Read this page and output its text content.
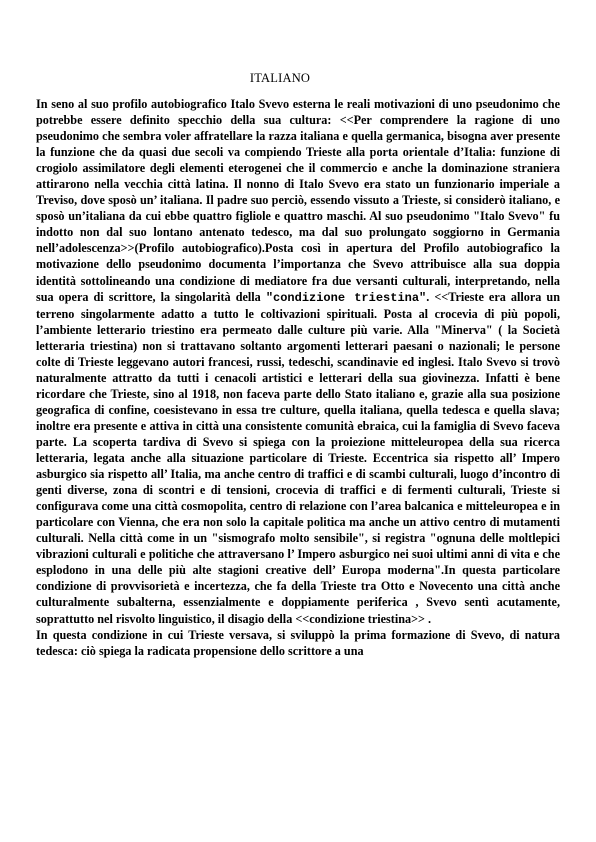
ITALIANO

In seno al suo profilo autobiografico Italo Svevo esterna le reali motivazioni di uno pseudonimo che potrebbe essere definito specchio della sua cultura: <<Per comprendere la ragione di uno pseudonimo che sembra voler affratellare la razza italiana e quella germanica, bisogna aver presente la funzione che da quasi due secoli va compiendo Trieste alla porta orientale d’Italia: funzione di crogiolo assimilatore degli elementi eterogenei che il commercio e anche la dominazione straniera attirarono nella vecchia città latina. Il nonno di Italo Svevo era stato un funzionario imperiale a Treviso, dove sposò un’ italiana. Il padre suo perciò, essendo vissuto a Trieste, si considerò italiano, e sposò un’italiana da cui ebbe quattro figliole e quattro maschi. Al suo pseudonimo "Italo Svevo" fu indotto non dal suo lontano antenato tedesco, ma dal suo prolungato soggiorno in Germania nell’adolescenza>>(Profilo autobiografico).Posta così in apertura del Profilo autobiografico la motivazione dello pseudonimo documenta l’importanza che Svevo attribuisce alla sua doppia identità sottolineando una condizione di mediatore fra due versanti culturali, interpretando, nella sua opera di scrittore, la singolarità della "condizione triestina". <<Trieste era allora un terreno singolarmente adatto a tutto le coltivazioni spirituali. Posta al crocevia di più popoli, l’ambiente letterario triestino era permeato dalle culture più varie. Alla "Minerva" ( la Società letteraria triestina) non si trattavano soltanto argomenti letterari paesani o nazionali; le persone colte di Trieste leggevano autori francesi, russi, tedeschi, scandinavie ed inglesi. Italo Svevo si trovò naturalmente attratto da tutti i cenacoli artistici e letterari della sua giovinezza. Infatti è bene ricordare che Trieste, sino al 1918, non faceva parte dello Stato italiano e, grazie alla sua posizione geografica di confine, coesistevano in essa tre culture, quella italiana, quella tedesca e quella slava; inoltre era presente e attiva in città una consistente comunità ebraica, cui la famiglia di Svevo faceva parte. La scoperta tardiva di Svevo si spiega con la proiezione mitteleuropea della sua ricerca letteraria, legata anche alla situazione particolare di Trieste. Eccentrica sia rispetto all’ Impero asburgico sia rispetto all’ Italia, ma anche centro di traffici e di scambi culturali, luogo d’incontro di genti diverse, zona di scontri e di tensioni, crocevia di traffici e di fermenti culturali, Trieste si configurava come una città cosmopolita, centro di relazione con l’area balcanica e mitteleuropea e in particolare con Vienna, che era non solo la capitale politica ma anche un attivo centro di mutamenti culturali. Nella città come in un "sismografo molto sensibile", si registra "ognuna delle moltlepici vibrazioni culturali e politiche che attraversano l’ Impero asburgico nei suoi ultimi anni di vita e che esplodono in una delle più alte stagioni creative dell’ Europa moderna".In questa particolare condizione di provvisorietà e incertezza, che fa della Trieste tra Otto e Novecento una città anche culturalmente subalterna, essenzialmente e doppiamente periferica , Svevo sentì acutamente, soprattutto nel risvolto linguistico, il disagio della <<condizione triestina>> .

In questa condizione in cui Trieste versava, si sviluppò la prima formazione di Svevo, di natura tedesca: ciò spiega la radicata propensione dello scrittore a una
